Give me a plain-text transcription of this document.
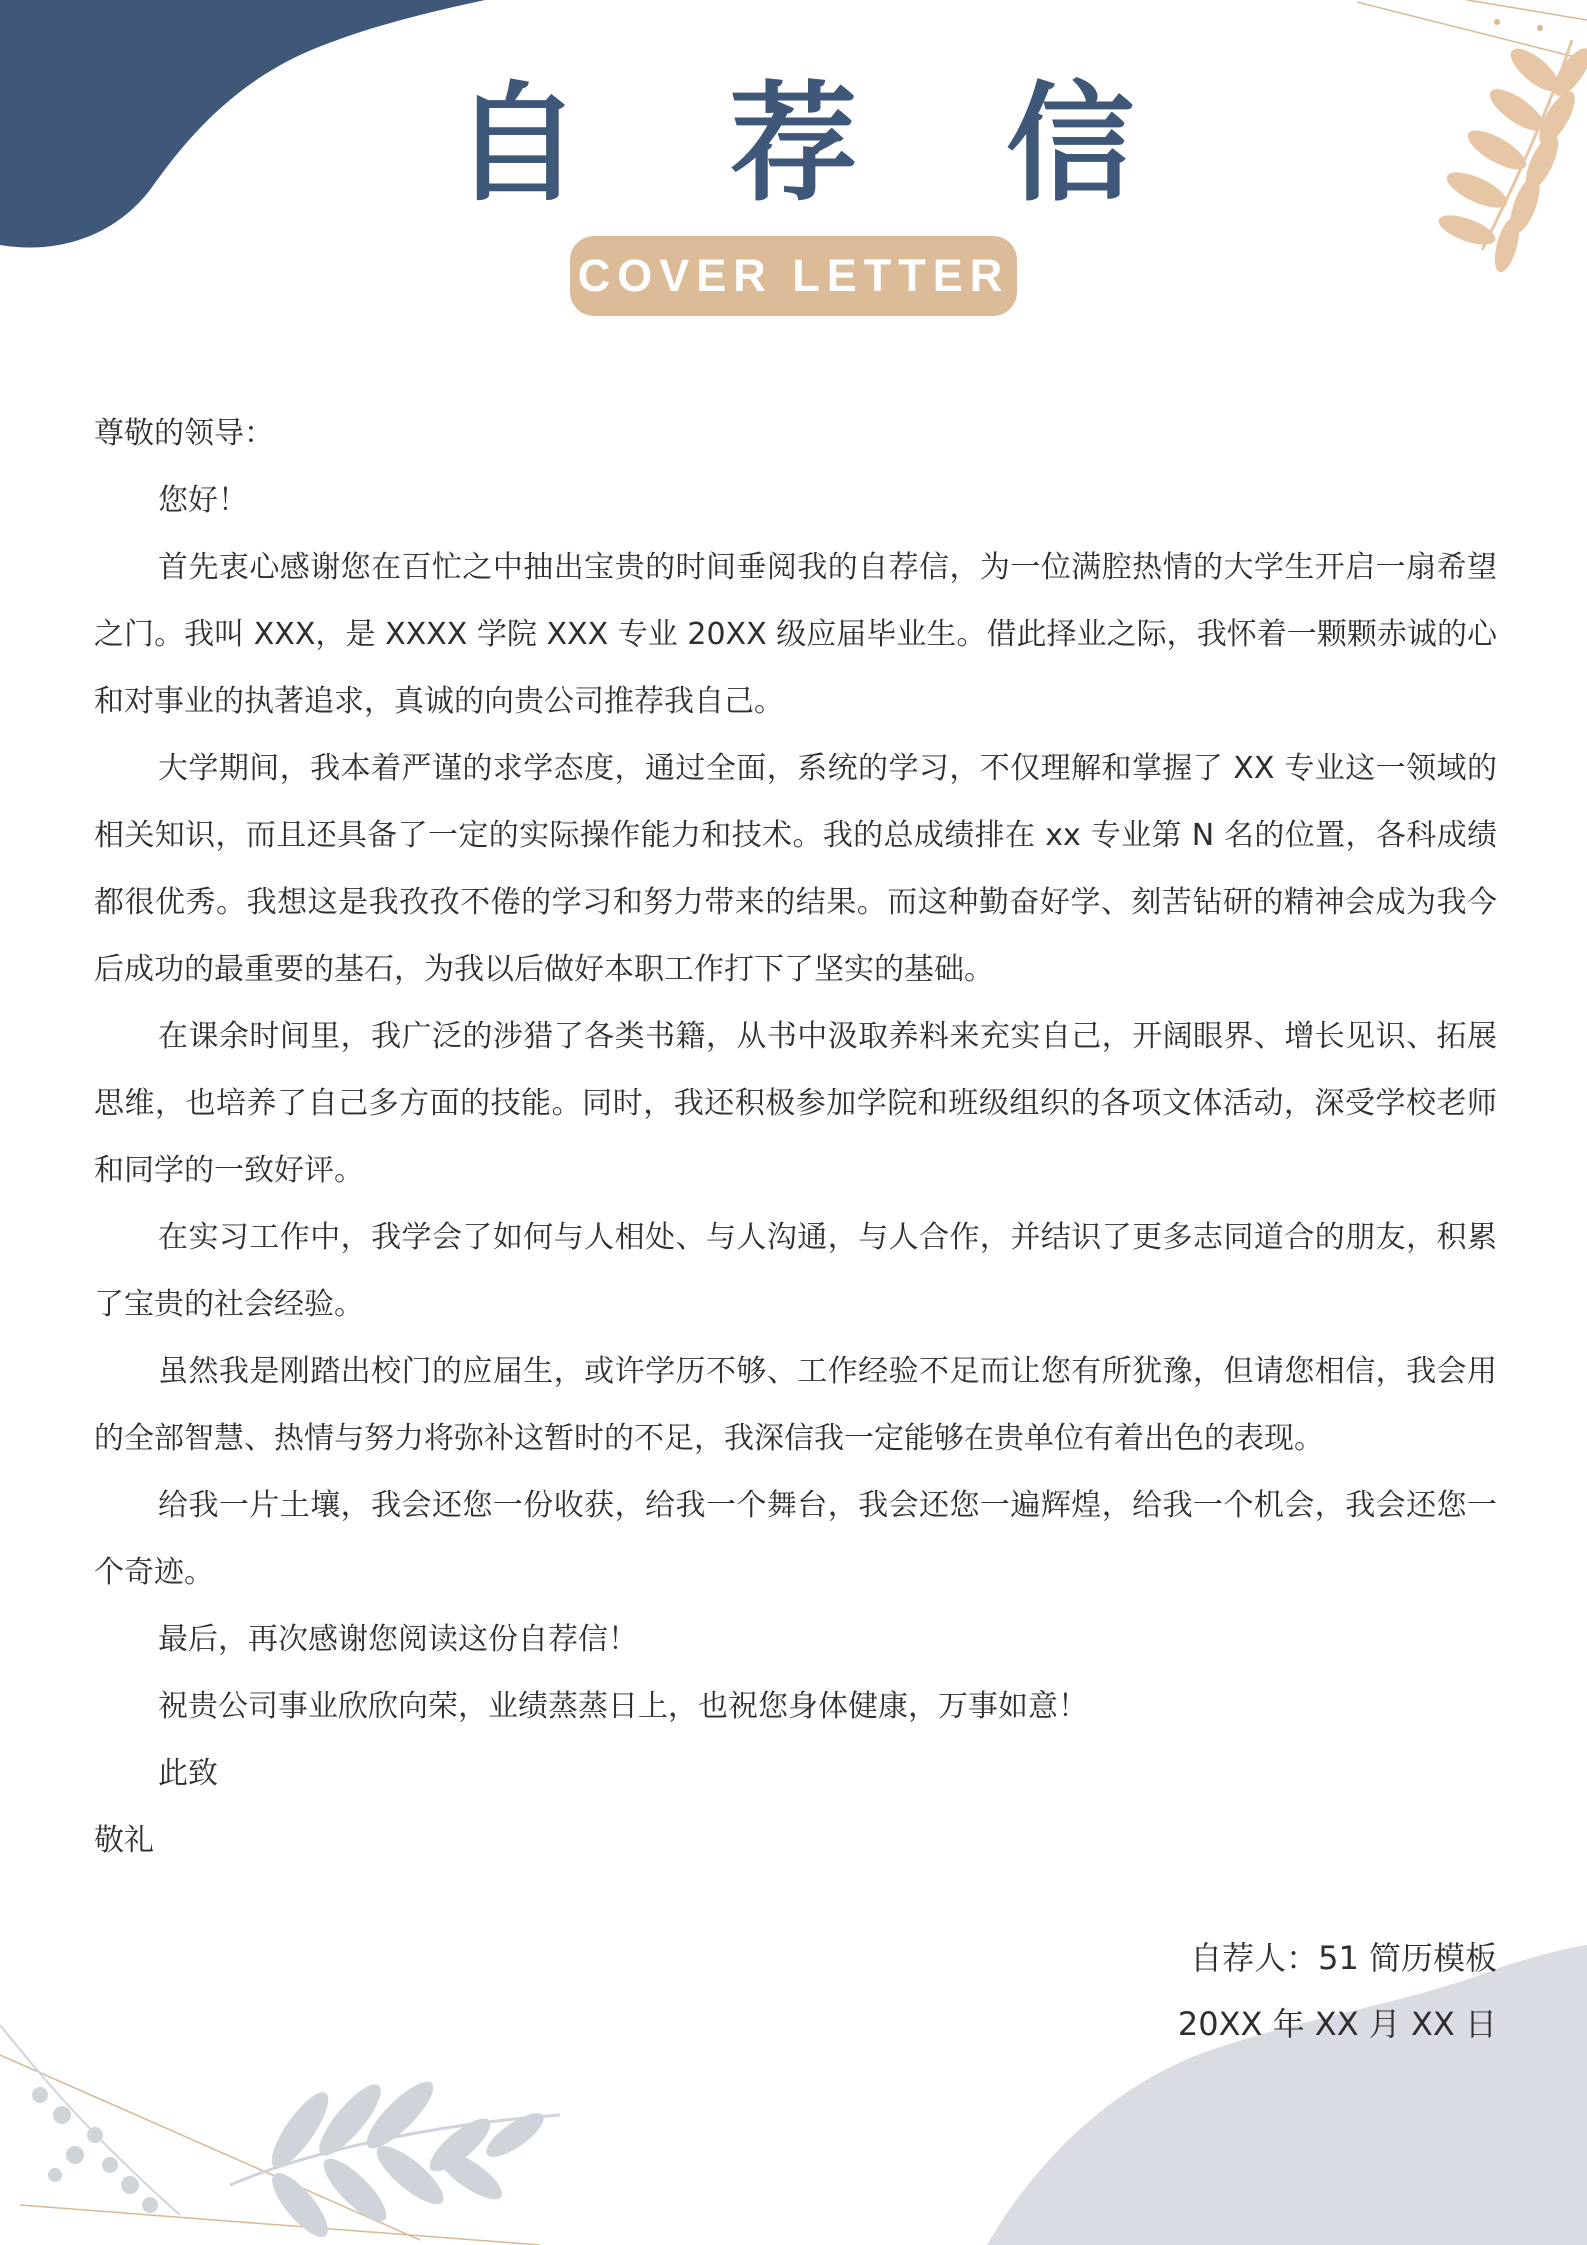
自 荐 信
COVER LETTER

尊敬的领导：

您好！

首先衷心感谢您在百忙之中抽出宝贵的时间垂阅我的自荐信，为一位满腔热情的大学生开启一扇希望之门。我叫 XXX，是 XXXX 学院 XXX 专业 20XX 级应届毕业生。借此择业之际，我怀着一颗颗赤诚的心和对事业的执著追求，真诚的向贵公司推荐我自己。

大学期间，我本着严谨的求学态度，通过全面，系统的学习，不仅理解和掌握了 XX 专业这一领域的相关知识，而且还具备了一定的实际操作能力和技术。我的总成绩排在 xx 专业第 N 名的位置，各科成绩都很优秀。我想这是我孜孜不倦的学习和努力带来的结果。而这种勤奋好学、刻苦钻研的精神会成为我今后成功的最重要的基石，为我以后做好本职工作打下了坚实的基础。

在课余时间里，我广泛的涉猎了各类书籍，从书中汲取养料来充实自己，开阔眼界、增长见识、拓展思维，也培养了自己多方面的技能。同时，我还积极参加学院和班级组织的各项文体活动，深受学校老师和同学的一致好评。

在实习工作中，我学会了如何与人相处、与人沟通，与人合作，并结识了更多志同道合的朋友，积累了宝贵的社会经验。

虽然我是刚踏出校门的应届生，或许学历不够、工作经验不足而让您有所犹豫，但请您相信，我会用的全部智慧、热情与努力将弥补这暂时的不足，我深信我一定能够在贵单位有着出色的表现。

给我一片土壤，我会还您一份收获，给我一个舞台，我会还您一遍辉煌，给我一个机会，我会还您一个奇迹。

最后，再次感谢您阅读这份自荐信！

祝贵公司事业欣欣向荣，业绩蒸蒸日上，也祝您身体健康，万事如意！

此致

敬礼

自荐人：51 简历模板
20XX 年 XX 月 XX 日
